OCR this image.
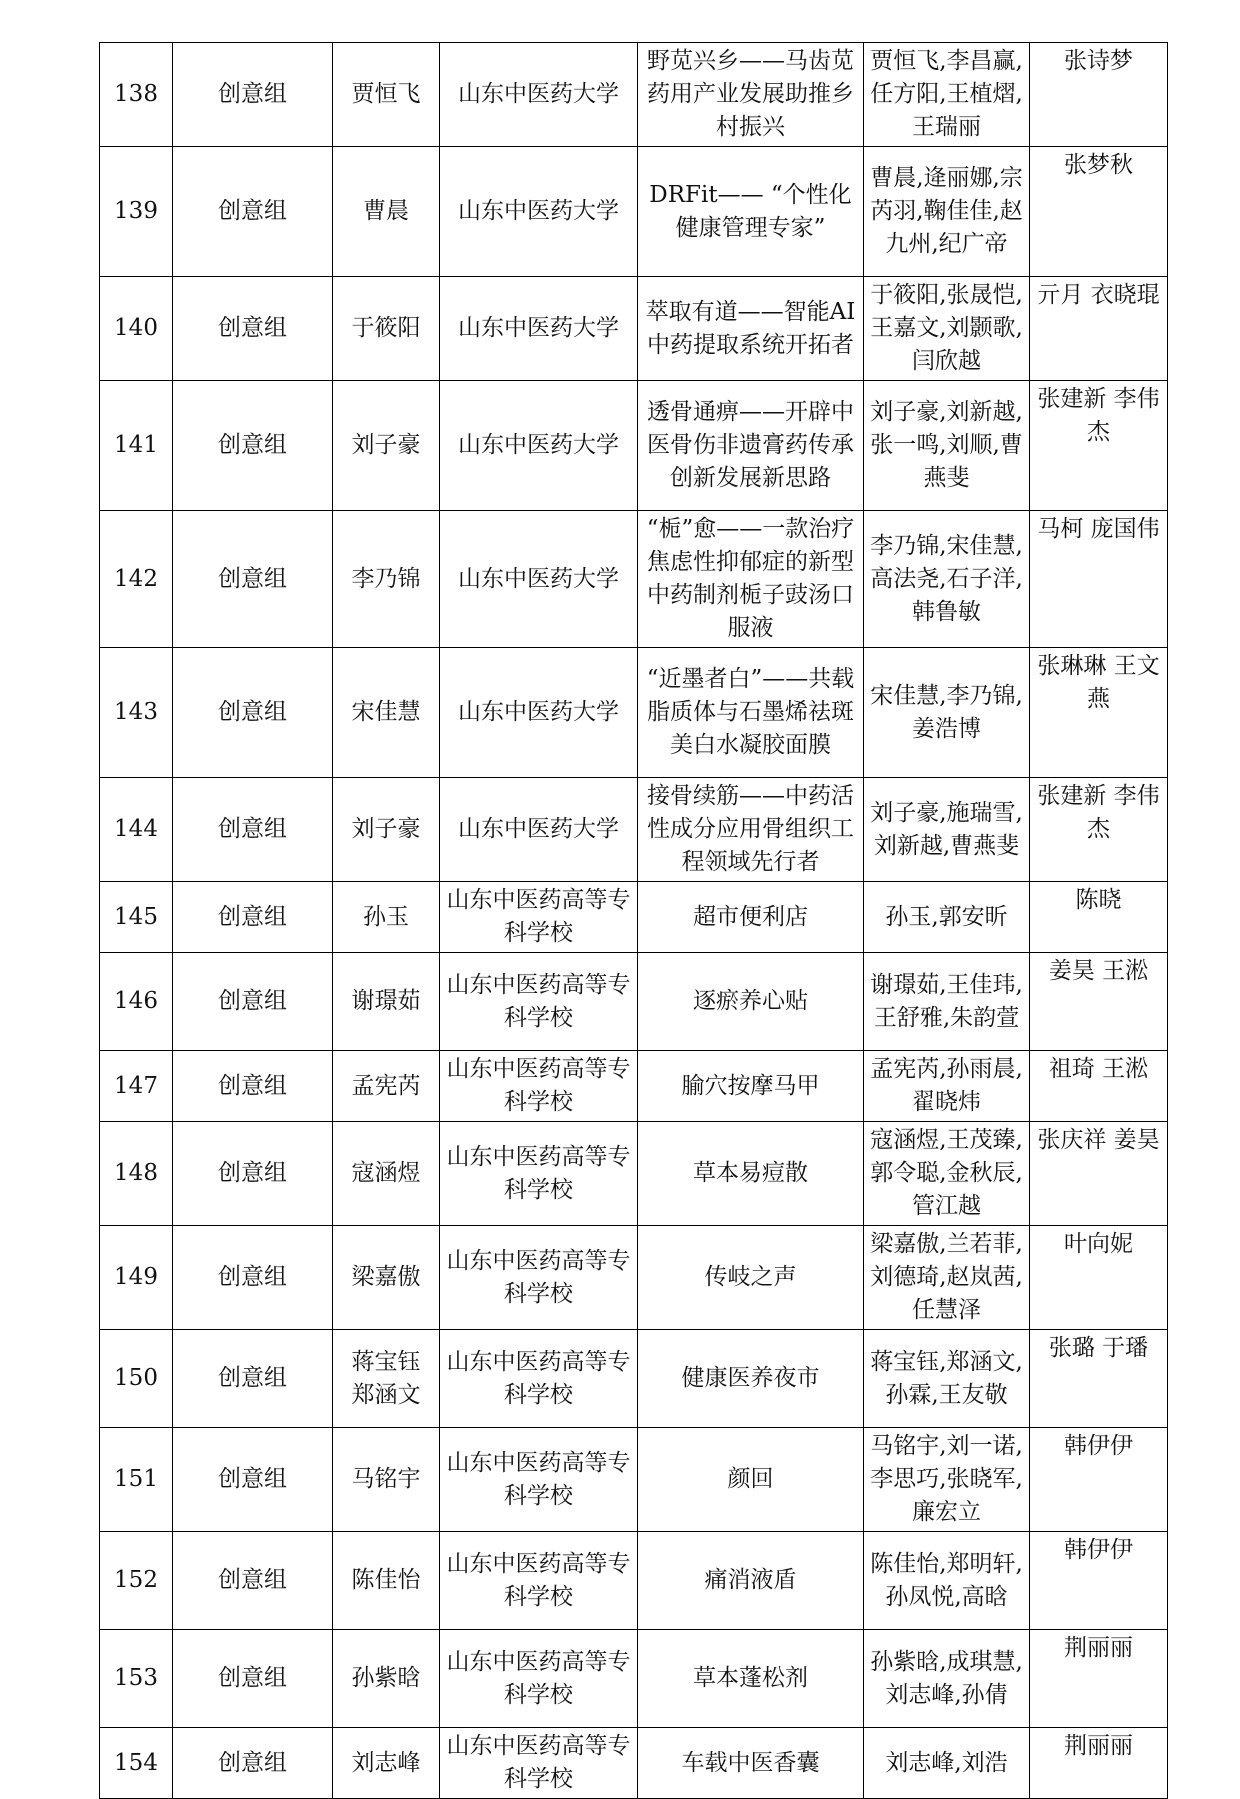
138	创意组	贾恒飞	山东中医药大学	野苋兴乡——马齿苋药用产业发展助推乡村振兴	贾恒飞,李昌赢,任方阳,王植熠,王瑞丽	张诗梦
139	创意组	曹晨	山东中医药大学	DRFit—— “个性化健康管理专家”	曹晨,逄丽娜,宗芮羽,鞠佳佳,赵九州,纪广帝	张梦秋
140	创意组	于筱阳	山东中医药大学	萃取有道——智能AI中药提取系统开拓者	于筱阳,张晟恺,王嘉文,刘颢歌,闫欣越	亓月 衣晓琨
141	创意组	刘子豪	山东中医药大学	透骨通痹——开辟中医骨伤非遗膏药传承创新发展新思路	刘子豪,刘新越,张一鸣,刘顺,曹燕斐	张建新 李伟杰
142	创意组	李乃锦	山东中医药大学	“栀”愈——一款治疗焦虑性抑郁症的新型中药制剂栀子豉汤口服液	李乃锦,宋佳慧,高法尧,石子洋,韩鲁敏	马柯 庞国伟
143	创意组	宋佳慧	山东中医药大学	“近墨者白”——共载脂质体与石墨烯祛斑美白水凝胶面膜	宋佳慧,李乃锦,姜浩博	张琳琳 王文燕
144	创意组	刘子豪	山东中医药大学	接骨续筋——中药活性成分应用骨组织工程领域先行者	刘子豪,施瑞雪,刘新越,曹燕斐	张建新 李伟杰
145	创意组	孙玉	山东中医药高等专科学校	超市便利店	孙玉,郭安昕	陈晓
146	创意组	谢璟茹	山东中医药高等专科学校	逐瘀养心贴	谢璟茹,王佳玮,王舒雅,朱韵萱	姜昊 王淞
147	创意组	孟宪芮	山东中医药高等专科学校	腧穴按摩马甲	孟宪芮,孙雨晨,翟晓炜	祖琦 王淞
148	创意组	寇涵煜	山东中医药高等专科学校	草本易痘散	寇涵煜,王茂臻,郭令聪,金秋辰,管江越	张庆祥 姜昊
149	创意组	梁嘉傲	山东中医药高等专科学校	传岐之声	梁嘉傲,兰若菲,刘德琦,赵岚茜,任慧泽	叶向妮
150	创意组	蒋宝钰 郑涵文	山东中医药高等专科学校	健康医养夜市	蒋宝钰,郑涵文,孙霖,王友敬	张璐 于璠
151	创意组	马铭宇	山东中医药高等专科学校	颜回	马铭宇,刘一诺,李思巧,张晓军,廉宏立	韩伊伊
152	创意组	陈佳怡	山东中医药高等专科学校	痛消液盾	陈佳怡,郑明轩,孙凤悦,高晗	韩伊伊
153	创意组	孙紫晗	山东中医药高等专科学校	草本蓬松剂	孙紫晗,成琪慧,刘志峰,孙倩	荆丽丽
154	创意组	刘志峰	山东中医药高等专科学校	车载中医香囊	刘志峰,刘浩	荆丽丽
